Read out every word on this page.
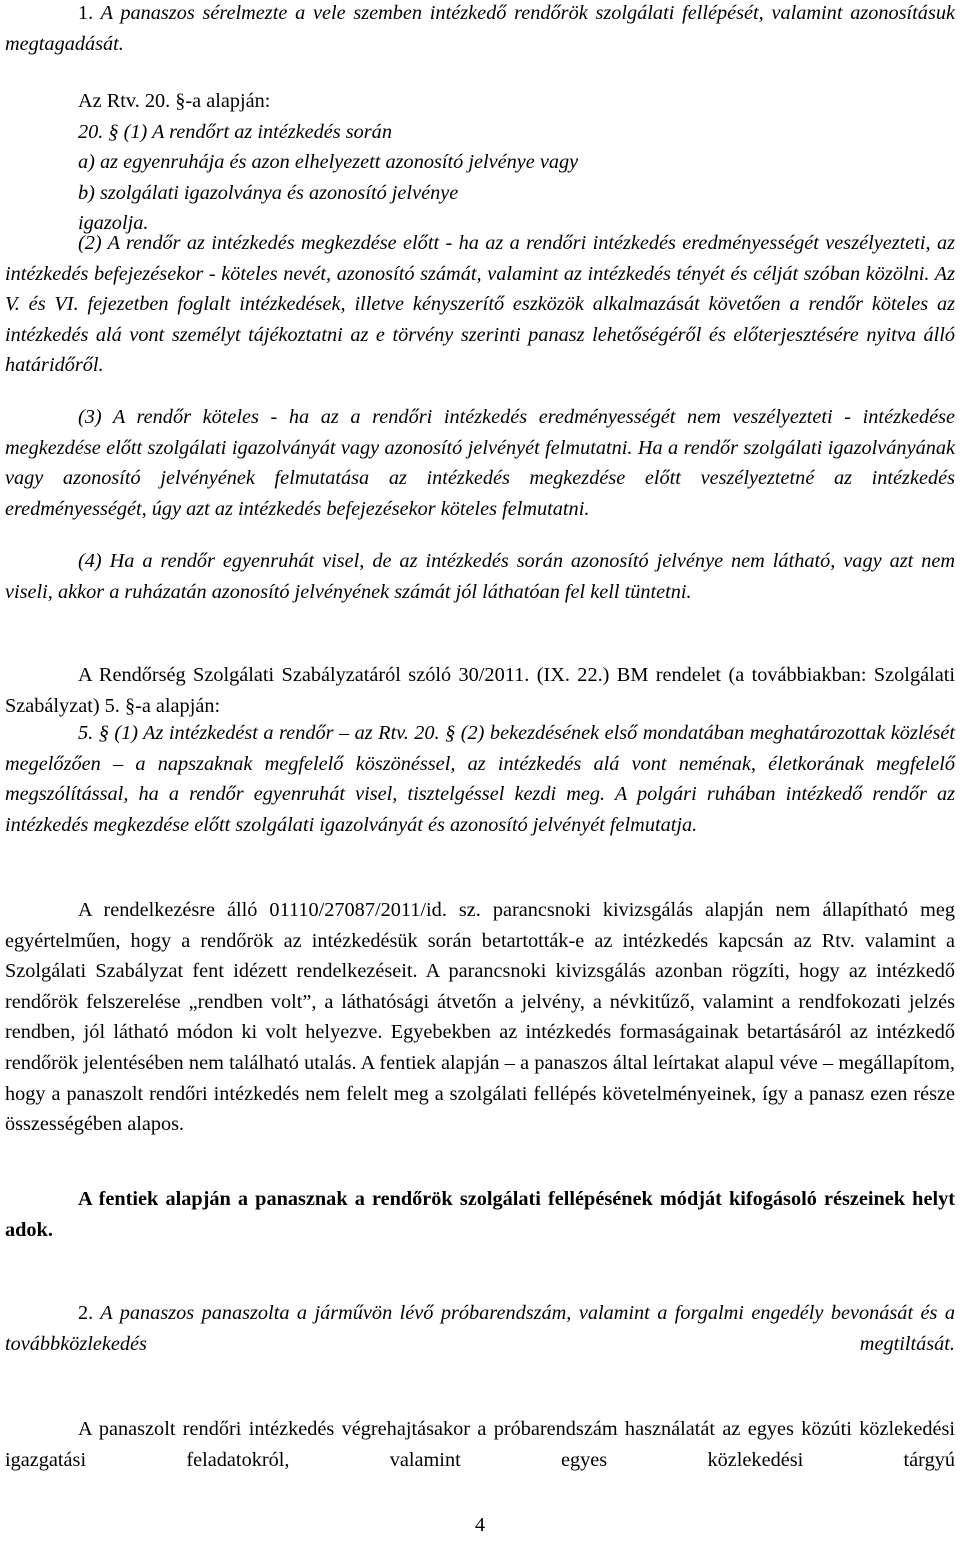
1. A panaszos sérelmezte a vele szemben intézkedő rendőrök szolgálati fellépését, valamint azonosításuk megtagadását.

Az Rtv. 20. §-a alapján:
20. § (1) A rendőrt az intézkedés során
a) az egyenruhája és azon elhelyezett azonosító jelvénye vagy
b) szolgálati igazolványa és azonosító jelvénye
igazolja.

(2) A rendőr az intézkedés megkezdése előtt - ha az a rendőri intézkedés eredményességét veszélyezteti, az intézkedés befejezésekor - köteles nevét, azonosító számát, valamint az intézkedés tényét és célját szóban közölni. Az V. és VI. fejezetben foglalt intézkedések, illetve kényszerítő eszközök alkalmazását követően a rendőr köteles az intézkedés alá vont személyt tájékoztatni az e törvény szerinti panasz lehetőségéről és előterjesztésére nyitva álló határidőről.

(3) A rendőr köteles - ha az a rendőri intézkedés eredményességét nem veszélyezteti - intézkedése megkezdése előtt szolgálati igazolványát vagy azonosító jelvényét felmutatni. Ha a rendőr szolgálati igazolványának vagy azonosító jelvényének felmutatása az intézkedés megkezdése előtt veszélyeztetné az intézkedés eredményességét, úgy azt az intézkedés befejezésekor köteles felmutatni.

(4) Ha a rendőr egyenruhát visel, de az intézkedés során azonosító jelvénye nem látható, vagy azt nem viseli, akkor a ruházatán azonosító jelvényének számát jól láthatóan fel kell tüntetni.

A Rendőrség Szolgálati Szabályzatáról szóló 30/2011. (IX. 22.) BM rendelet (a továbbiakban: Szolgálati Szabályzat) 5. §-a alapján:

5. § (1) Az intézkedést a rendőr – az Rtv. 20. § (2) bekezdésének első mondatában meghatározottak közlését megelőzően – a napszaknak megfelelő köszönéssel, az intézkedés alá vont neménak, életkorának megfelelő megszólítással, ha a rendőr egyenruhát visel, tisztelgéssel kezdi meg. A polgári ruhában intézkedő rendőr az intézkedés megkezdése előtt szolgálati igazolványát és azonosító jelvényét felmutatja.

A rendelkezésre álló 01110/27087/2011/id. sz. parancsnoki kivizsgálás alapján nem állapítható meg egyértelműen, hogy a rendőrök az intézkedésük során betartották-e az intézkedés kapcsán az Rtv. valamint a Szolgálati Szabályzat fent idézett rendelkezéseit. A parancsnoki kivizsgálás azonban rögzíti, hogy az intézkedő rendőrök felszerelése „rendben volt”, a láthatósági átvetőn a jelvény, a névkitűző, valamint a rendfokozati jelzés rendben, jól látható módon ki volt helyezve. Egyebekben az intézkedés formaságainak betartásáról az intézkedő rendőrök jelentésében nem található utalás. A fentiek alapján – a panaszos által leírtakat alapul véve – megállapítom, hogy a panaszolt rendőri intézkedés nem felelt meg a szolgálati fellépés követelményeinek, így a panasz ezen része összességében alapos.

A fentiek alapján a panasznak a rendőrök szolgálati fellépésének módját kifogásoló részeinek helyt adok.

2. A panaszos panaszolta a járművön lévő próbarendszám, valamint a forgalmi engedély bevonását és a továbbközlekedés megtiltását.

A panaszolt rendőri intézkedés végrehajtásakor a próbarendszám használatát az egyes közúti közlekedési igazgatási feladatokról, valamint egyes közlekedési tárgyú

4
